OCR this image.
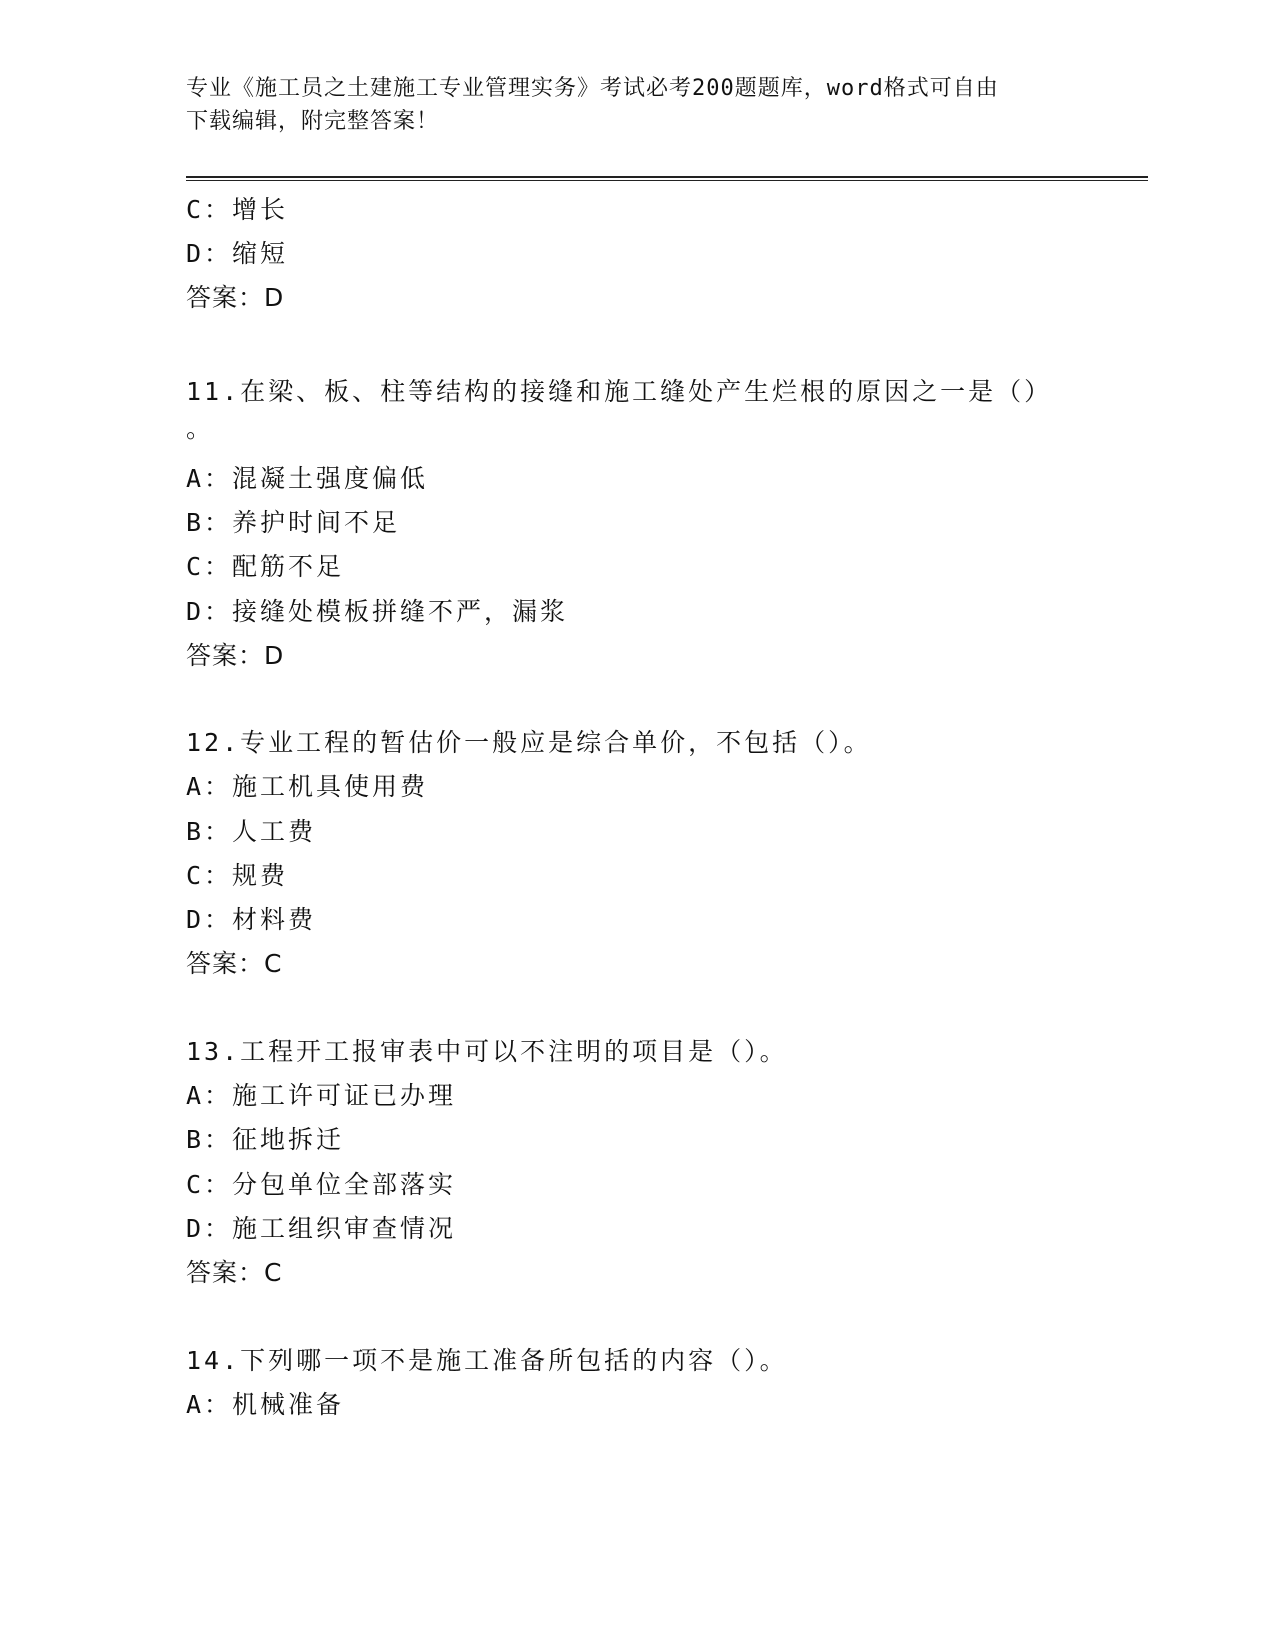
专业《施工员之土建施工专业管理实务》考试必考200题题库，word格式可自由
下载编辑，附完整答案！
C：增长
D：缩短
答案：D
11.在梁、板、柱等结构的接缝和施工缝处产生烂根的原因之一是（）
。
A：混凝土强度偏低
B：养护时间不足
C：配筋不足
D：接缝处模板拼缝不严，漏浆
答案：D
12.专业工程的暂估价一般应是综合单价，不包括（）。
A：施工机具使用费
B：人工费
C：规费
D：材料费
答案：C
13.工程开工报审表中可以不注明的项目是（）。
A：施工许可证已办理
B：征地拆迁
C：分包单位全部落实
D：施工组织审查情况
答案：C
14.下列哪一项不是施工准备所包括的内容（）。
A：机械准备
